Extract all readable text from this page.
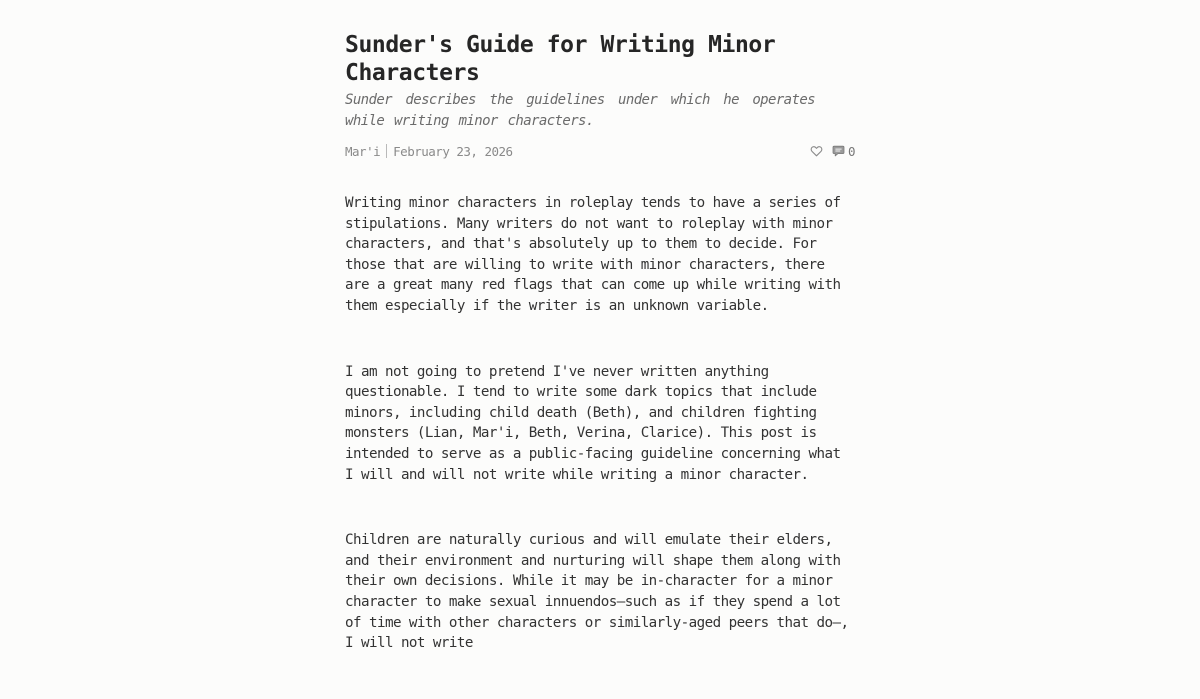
Sunder's Guide for Writing Minor Characters

Sunder describes the guidelines under which he operates while writing minor characters.

Mar'i February 23, 2026	0

Writing minor characters in roleplay tends to have a series of stipulations. Many writers do not want to roleplay with minor characters, and that's absolutely up to them to decide. For those that are willing to write with minor characters, there are a great many red flags that can come up while writing with them especially if the writer is an unknown variable.

I am not going to pretend I've never written anything questionable. I tend to write some dark topics that include minors, including child death (Beth), and children fighting monsters (Lian, Mar'i, Beth, Verina, Clarice). This post is intended to serve as a public-facing guideline concerning what I will and will not write while writing a minor character.

Children are naturally curious and will emulate their elders, and their environment and nurturing will shape them along with their own decisions. While it may be in-character for a minor character to make sexual innuendos—such as if they spend a lot of time with other characters or similarly-aged peers that do—, I will not write
